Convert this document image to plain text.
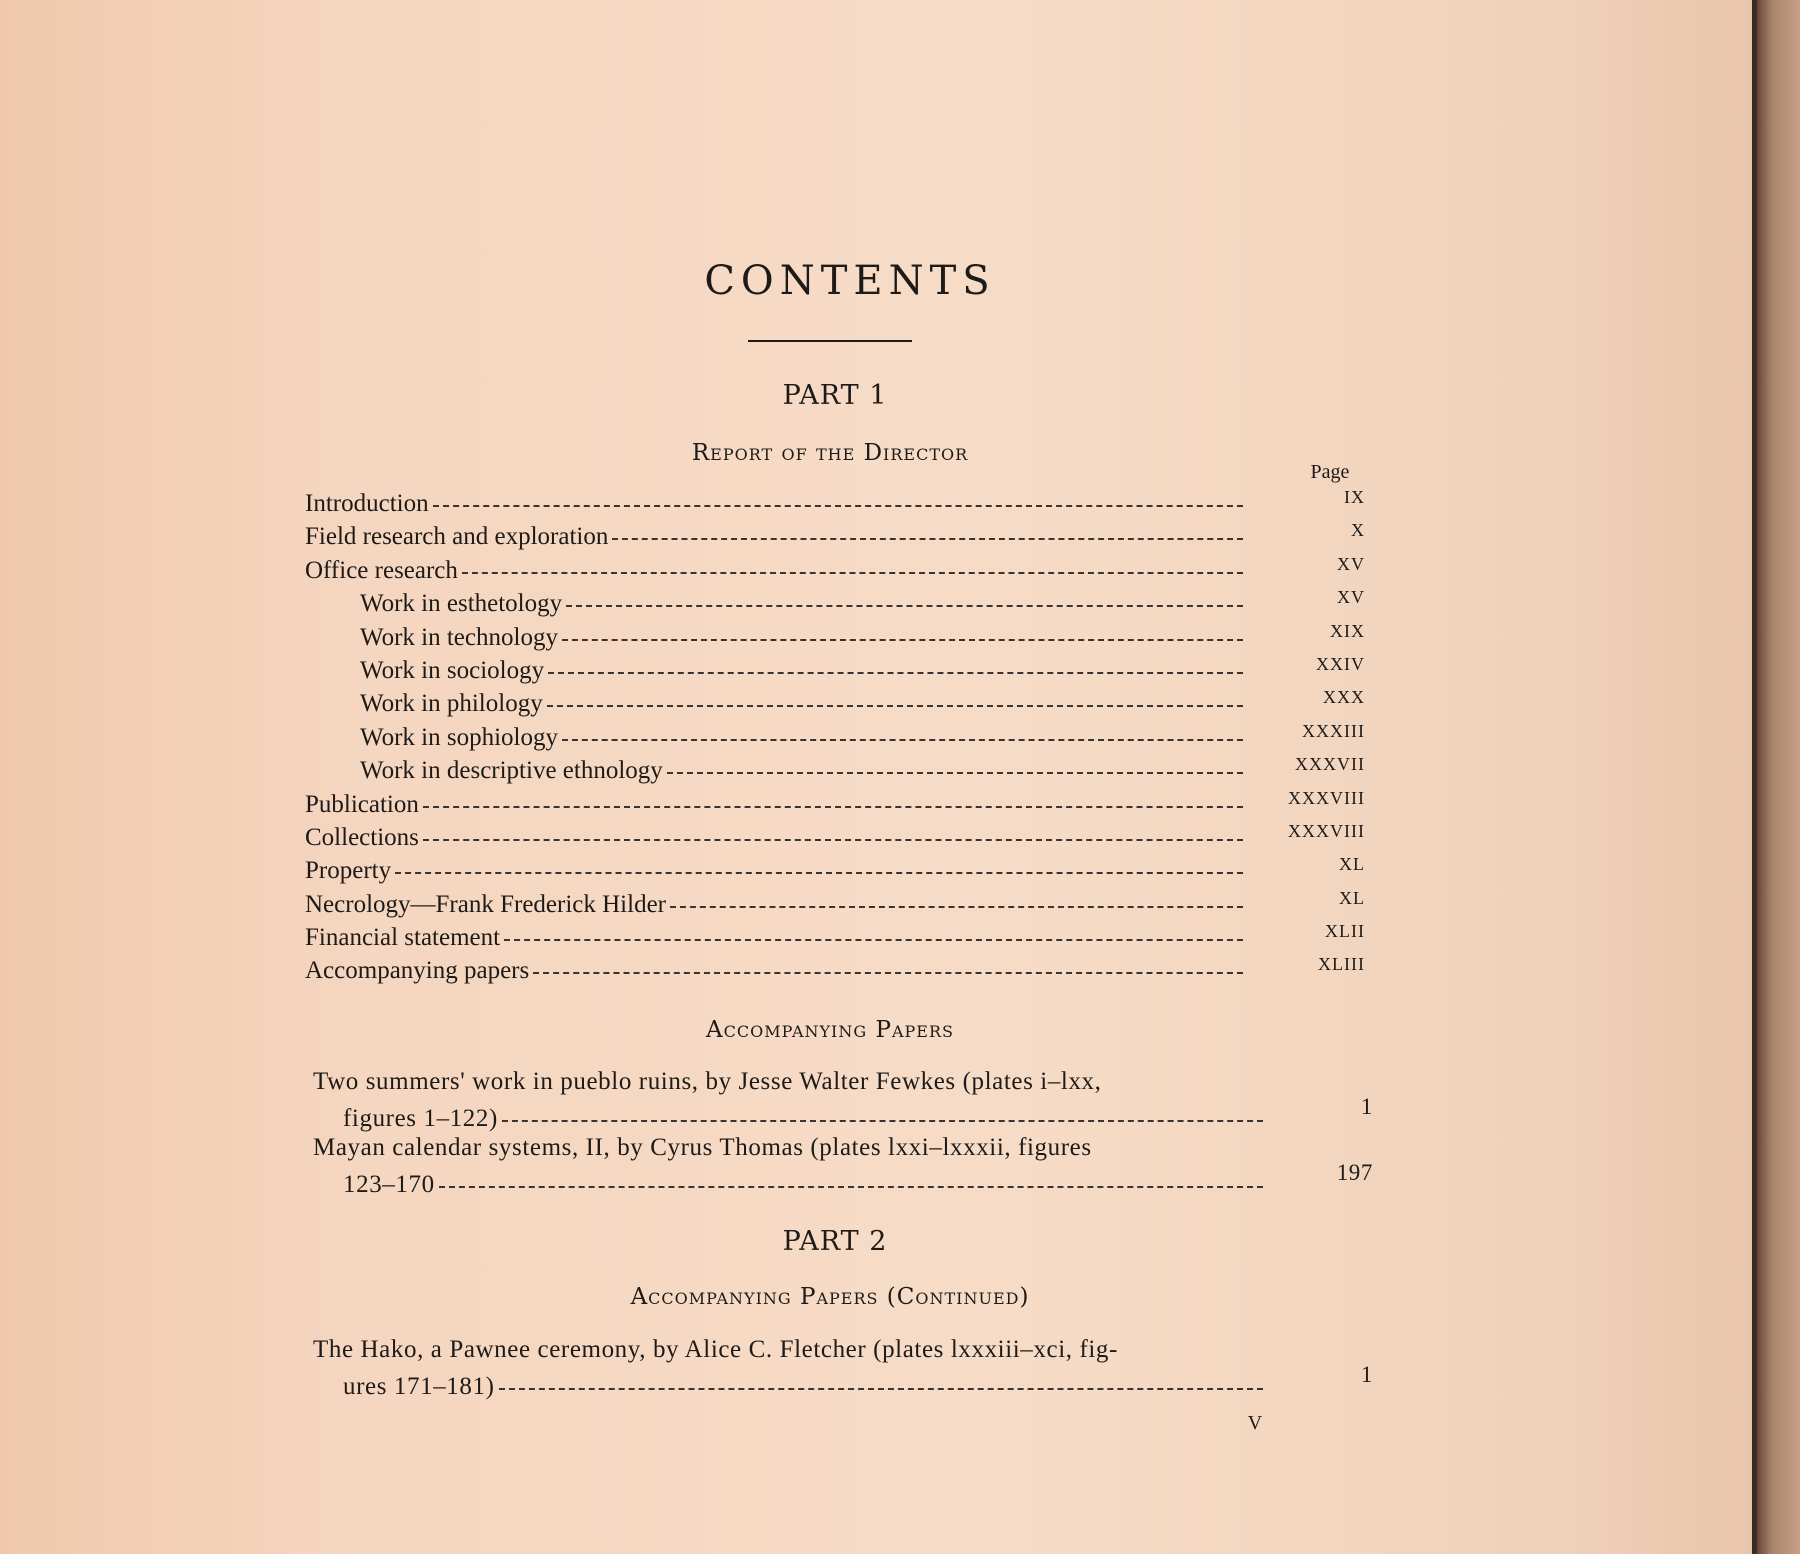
CONTENTS
PART 1
Report of the Director
Page
Introduction	IX
Field research and exploration	X
Office research	XV
Work in esthetology	XV
Work in technology	XIX
Work in sociology	XXIV
Work in philology	XXX
Work in sophiology	XXXIII
Work in descriptive ethnology	XXXVII
Publication	XXXVIII
Collections	XXXVIII
Property	XL
Necrology—Frank Frederick Hilder	XL
Financial statement	XLII
Accompanying papers	XLIII
Accompanying Papers
Two summers' work in pueblo ruins, by Jesse Walter Fewkes (plates i–lxx,
figures 1–122)	1
Mayan calendar systems, II, by Cyrus Thomas (plates lxxi–lxxxii, figures
123–170	197
PART 2
Accompanying Papers (Continued)
The Hako, a Pawnee ceremony, by Alice C. Fletcher (plates lxxxiii–xci, fig-
ures 171–181)	1
V
